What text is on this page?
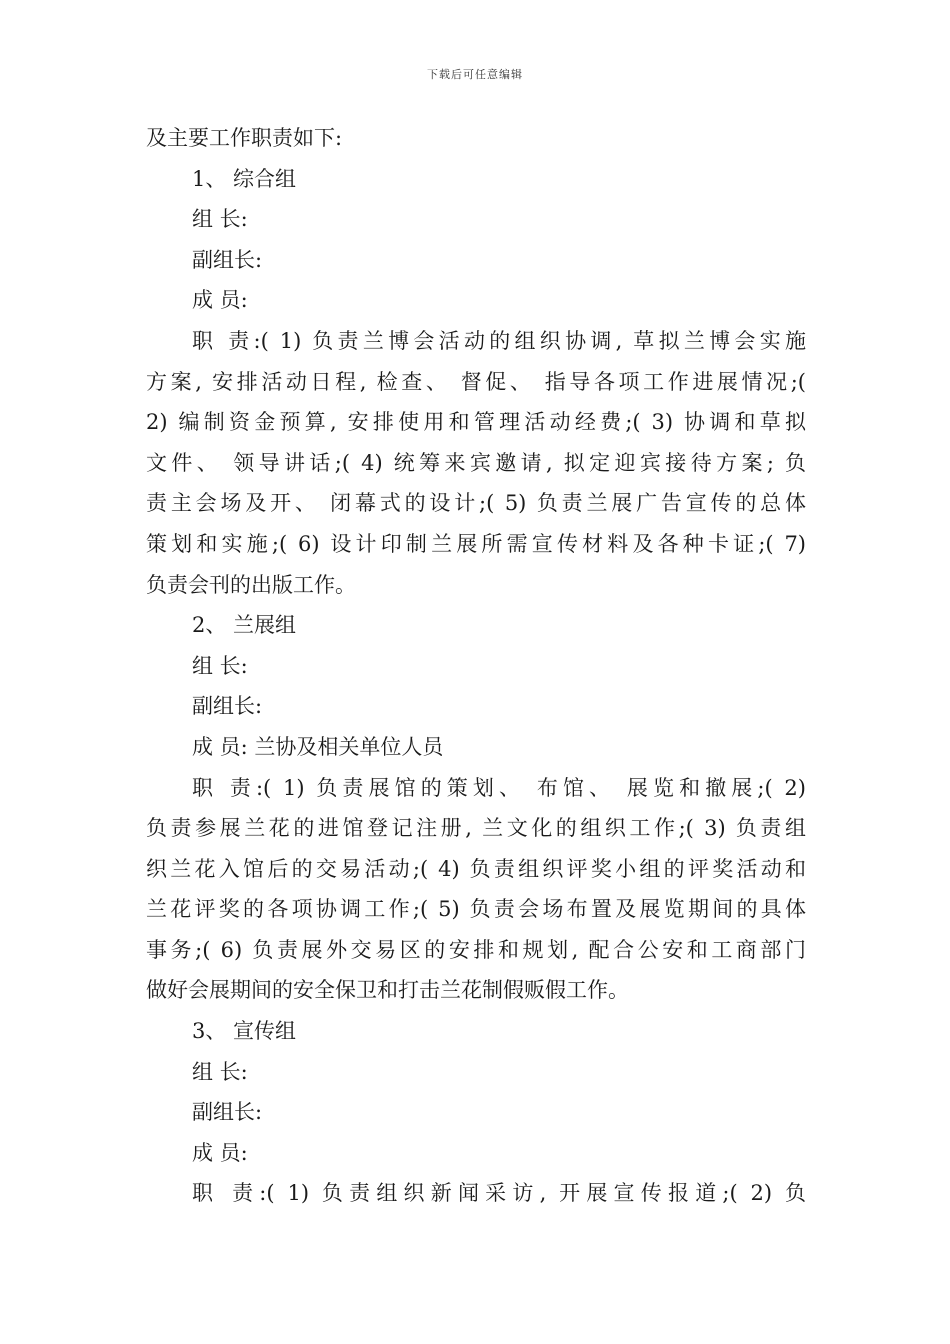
下载后可任意编辑
及主要工作职责如下:
1、 综合组
组 长:
副组长:
成 员:
职 责:( 1) 负责兰博会活动的组织协调, 草拟兰博会实施
方案, 安排活动日程, 检查、 督促、 指导各项工作进展情况;(
2) 编制资金预算, 安排使用和管理活动经费;( 3) 协调和草拟
文件、 领导讲话;( 4) 统筹来宾邀请, 拟定迎宾接待方案; 负
责主会场及开、 闭幕式的设计;( 5) 负责兰展广告宣传的总体
策划和实施;( 6) 设计印制兰展所需宣传材料及各种卡证;( 7)
负责会刊的出版工作。
2、 兰展组
组 长:
副组长:
成 员: 兰协及相关单位人员
职 责:( 1) 负责展馆的策划、 布馆、 展览和撤展;( 2)
负责参展兰花的进馆登记注册, 兰文化的组织工作;( 3) 负责组
织兰花入馆后的交易活动;( 4) 负责组织评奖小组的评奖活动和
兰花评奖的各项协调工作;( 5) 负责会场布置及展览期间的具体
事务;( 6) 负责展外交易区的安排和规划, 配合公安和工商部门
做好会展期间的安全保卫和打击兰花制假贩假工作。
3、 宣传组
组 长:
副组长:
成 员:
职 责:( 1) 负责组织新闻采访, 开展宣传报道;( 2) 负
